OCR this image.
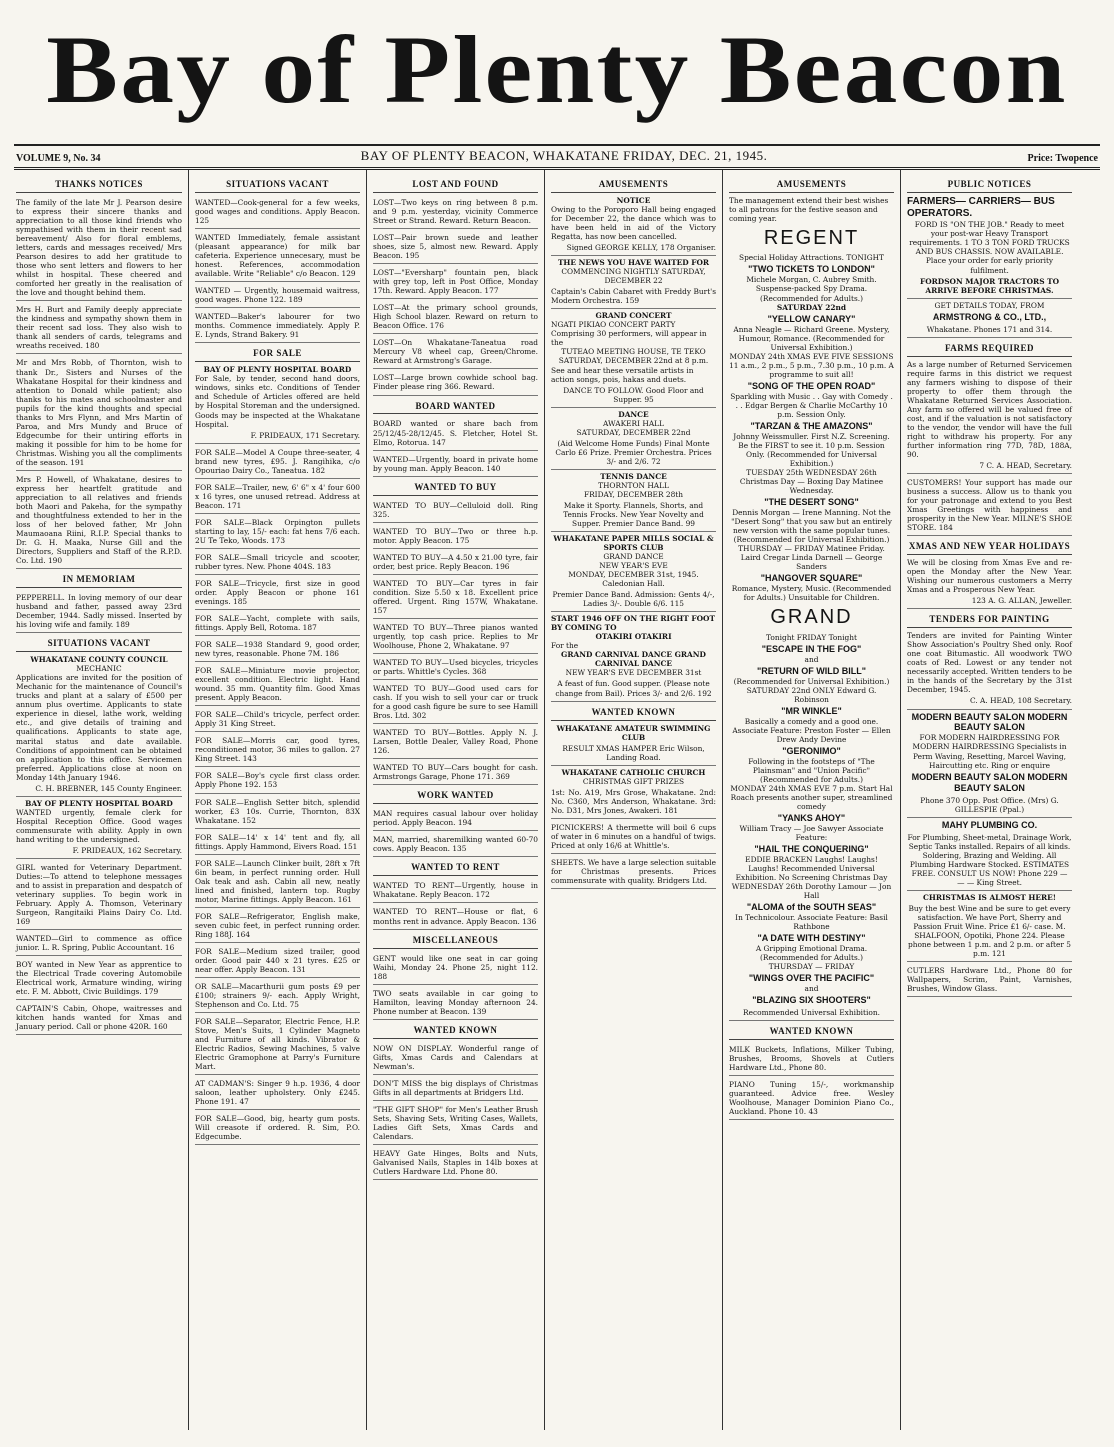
Bay of Plenty Beacon
VOLUME 9, No. 34	BAY OF PLENTY BEACON, WHAKATANE FRIDAY, DEC. 21, 1945.	Price: Twopence
THANKS NOTICES
The family of the late Mr J. Pearson desire to express their sincere thanks and appreciation to all those kind friends who sympathised with them in their recent sad bereavement/ Also for floral emblems, letters, cards and messages received/ Mrs Pearson desires to add her gratitude to those who sent letters and flowers to her whilst in hospital. These cheered and comforted her greatly in the realisation of the love and thought behind them.
Mrs H. Burt and Family deeply appreciate the kindness and sympathy shown them in their recent sad loss. They also wish to thank all senders of cards, telegrams and wreaths received. 180
Mr and Mrs Robb, of Thornton, wish to thank Dr., Sisters and Nurses of the Whakatane Hospital for their kindness and attention to Donald while patient; also thanks to his mates and schoolmaster and pupils for the kind thoughts and special thanks to Mrs Flynn, and Mrs Martin of Paroa, and Mrs Mundy and Bruce of Edgecumbe for their untiring efforts in making it possible for him to be home for Christmas. Wishing you all the compliments of the season. 191
Mrs P. Howell, of Whakatane, desires to express her heartfelt gratitude and appreciation to all relatives and friends both Maori and Pakeha, for the sympathy and thoughtfulness extended to her in the loss of her beloved father, Mr John Maumaoana Riini, R.I.P. Special thanks to Dr. G. H. Maaka, Nurse Gill and the Directors, Suppliers and Staff of the R.P.D. Co. Ltd. 190
IN MEMORIAM
PEPPERELL. In loving memory of our dear husband and father, passed away 23rd December, 1944. Sadly missed. Inserted by his loving wife and family. 189
SITUATIONS VACANT
WHAKATANE COUNTY COUNCIL
MECHANIC
Applications are invited for the position of Mechanic for the maintenance of Council's trucks and plant at a salary of £500 per annum plus overtime. Applicants to state experience in diesel, lathe work, welding etc., and give details of training and qualifications. Applicants to state age, marital status and date available. Conditions of appointment can be obtained on application to this office. Servicemen preferred. Applications close at noon on Monday 14th January 1946.
C. H. BREBNER, 145 County Engineer.
BAY OF PLENTY HOSPITAL BOARD
WANTED urgently, female clerk for Hospital Reception Office. Good wages commensurate with ability. Apply in own hand writing to the undersigned.
F. PRIDEAUX, 162 Secretary.
GIRL wanted for Veterinary Department. Duties:—To attend to telephone messages and to assist in preparation and despatch of veterinary supplies. To begin work in February. Apply A. Thomson, Veterinary Surgeon, Rangitaiki Plains Dairy Co. Ltd. 169
WANTED—Girl to commence as office junior. L. R. Spring, Public Accountant. 16
BOY wanted in New Year as apprentice to the Electrical Trade covering Automobile Electrical work, Armature winding, wiring etc. F. M. Abbott, Civic Buildings. 179
CAPTAIN'S Cabin, Ohope, waitresses and kitchen hands wanted for Xmas and January period. Call or phone 420R. 160
SITUATIONS VACANT
WANTED—Cook-general for a few weeks, good wages and conditions. Apply Beacon. 125
WANTED Immediately, female assistant (pleasant appearance) for milk bar cafeteria. Experience unnecesary, must be honest. References, accommodation available. Write "Reliable" c/o Beacon. 129
WANTED — Urgently, housemaid waitress, good wages. Phone 122. 189
WANTED—Baker's labourer for two months. Commence immediately. Apply P. E. Lynds, Strand Bakery. 91
FOR SALE
BAY OF PLENTY HOSPITAL BOARD
For Sale, by tender, second hand doors, windows, sinks etc. Conditions of Tender and Schedule of Articles offered are held by Hospital Storeman and the undersigned. Goods may be inspected at the Whakatane Hospital.
F. PRIDEAUX, 171 Secretary.
FOR SALE—Model A Coupe three-seater, 4 brand new tyres, £95. J. Rangihika, c/o Opouriao Dairy Co., Taneatua. 182
FOR SALE—Trailer, new, 6' 6" x 4' four 600 x 16 tyres, one unused retread. Address at Beacon. 171
FOR SALE—Black Orpington pullets starting to lay, 15/- each: fat hens 7/6 each. 2U Te Teko, Woods. 173
FOR SALE—Small tricycle and scooter, rubber tyres. New. Phone 404S. 183
FOR SALE—Tricycle, first size in good order. Apply Beacon or phone 161 evenings. 185
FOR SALE—Yacht, complete with sails, fittings. Apply Bell, Rotoma. 187
FOR SALE—1938 Standard 9, good order, new tyres, reasonable. Phone 7M. 186
FOR SALE—Miniature movie projector, excellent condition. Electric light. Hand wound. 35 mm. Quantity film. Good Xmas present. Apply Beacon.
FOR SALE—Child's tricycle, perfect order. Apply 31 King Street.
FOR SALE—Morris car, good tyres, reconditioned motor, 36 miles to gallon. 27 King Street. 143
FOR SALE—Boy's cycle first class order. Apply Phone 192. 153
FOR SALE—English Setter bitch, splendid worker, £3 10s. Currie, Thornton, 83X Whakatane. 152
FOR SALE—14' x 14' tent and fly, all fittings. Apply Hammond, Eivers Road. 151
FOR SALE—Launch Clinker built, 28ft x 7ft 6in beam, in perfect running order. Hull Oak teak and ash. Cabin all new, neatly lined and finished, lantern top. Rugby motor, Marine fittings. Apply Beacon. 161
FOR SALE—Refrigerator, English make, seven cubic feet, in perfect running order. Ring 188J. 164
FOR SALE—Medium sized trailer, good order. Good pair 440 x 21 tyres. £25 or near offer. Apply Beacon. 131
OR SALE—Macarthurii gum posts £9 per £100; strainers 9/- each. Apply Wright, Stephenson and Co. Ltd. 75
FOR SALE—Separator, Electric Fence, H.P. Stove, Men's Suits, 1 Cylinder Magneto and Furniture of all kinds. Vibrator & Electric Radios, Sewing Machines, 5 valve Electric Gramophone at Parry's Furniture Mart.
AT CADMAN'S: Singer 9 h.p. 1936, 4 door saloon, leather upholstery. Only £245. Phone 191. 47
FOR SALE—Good, big, hearty gum posts. Will creasote if ordered. R. Sim, P.O. Edgecumbe.
LOST AND FOUND
LOST—Two keys on ring between 8 p.m. and 9 p.m. yesterday, vicinity Commerce Street or Strand. Reward. Return Beacon.
LOST—Pair brown suede and leather shoes, size 5, almost new. Reward. Apply Beacon. 195
LOST—"Eversharp" fountain pen, black with grey top, left in Post Office, Monday 17th. Reward. Apply Beacon. 177
LOST—At the primary school grounds, High School blazer. Reward on return to Beacon Office. 176
LOST—On Whakatane-Taneatua road Mercury V8 wheel cap, Green/Chrome. Reward at Armstrong's Garage.
LOST—Large brown cowhide school bag. Finder please ring 366. Reward.
BOARD WANTED
BOARD wanted or share bach from 25/12/45-28/12/45. S. Fletcher, Hotel St. Elmo, Rotorua. 147
WANTED—Urgently, board in private home by young man. Apply Beacon. 140
WANTED TO BUY
WANTED TO BUY—Celluloid doll. Ring 325.
WANTED TO BUY—Two or three h.p. motor. Apply Beacon. 175
WANTED TO BUY—A 4.50 x 21.00 tyre, fair order, best price. Reply Beacon. 196
WANTED TO BUY—Car tyres in fair condition. Size 5.50 x 18. Excellent price offered. Urgent. Ring 157W, Whakatane. 157
WANTED TO BUY—Three pianos wanted urgently, top cash price. Replies to Mr Woolhouse, Phone 2, Whakatane. 97
WANTED TO BUY—Used bicycles, tricycles or parts. Whittle's Cycles. 368
WANTED TO BUY—Good used cars for cash. If you wish to sell your car or truck for a good cash figure be sure to see Hamill Bros. Ltd. 302
WANTED TO BUY—Bottles. Apply N. J. Larsen, Bottle Dealer, Valley Road, Phone 126.
WANTED TO BUY—Cars bought for cash. Armstrongs Garage, Phone 171. 369
WORK WANTED
MAN requires casual labour over holiday period. Apply Beacon. 194
MAN, married, sharemilking wanted 60-70 cows. Apply Beacon. 135
WANTED TO RENT
WANTED TO RENT—Urgently, house in Whakatane. Reply Beacon. 172
WANTED TO RENT—House or flat, 6 months rent in advance. Apply Beacon. 136
MISCELLANEOUS
GENT would like one seat in car going Waihi, Monday 24. Phone 25, night 112. 188
TWO seats available in car going to Hamilton, leaving Monday afternoon 24. Phone number at Beacon. 139
WANTED KNOWN
NOW ON DISPLAY. Wonderful range of Gifts, Xmas Cards and Calendars at Newman's.
DON'T MISS the big displays of Christmas Gifts in all departments at Bridgers Ltd.
"THE GIFT SHOP" for Men's Leather Brush Sets, Shaving Sets, Writing Cases, Wallets, Ladies Gift Sets, Xmas Cards and Calendars.
HEAVY Gate Hinges, Bolts and Nuts, Galvanised Nails, Staples in 14lb boxes at Cutlers Hardware Ltd. Phone 80.
AMUSEMENTS
NOTICE
Owing to the Poroporo Hall being engaged for December 22, the dance which was to have been held in aid of the Victory Regatta, has now been cancelled.
Signed GEORGE KELLY, 178 Organiser.
THE NEWS YOU HAVE WAITED FOR
COMMENCING NIGHTLY SATURDAY, DECEMBER 22
Captain's Cabin Cabaret with Freddy Burt's Modern Orchestra. 159
GRAND CONCERT
NGATI PIKIAO CONCERT PARTY Comprising 30 performers, will appear in the
TUTEAO MEETING HOUSE, TE TEKO
SATURDAY, DECEMBER 22nd at 8 p.m.
See and hear these versatile artists in action songs, pois, hakas and duets.
DANCE TO FOLLOW. Good Floor and Supper. 95
DANCE
AWAKERI HALL
SATURDAY, DECEMBER 22nd
(Aid Welcome Home Funds) Final Monte Carlo £6 Prize. Premier Orchestra. Prices 3/- and 2/6. 72
TENNIS DANCE
THORNTON HALL
FRIDAY, DECEMBER 28th
Make it Sporty. Flannels, Shorts, and Tennis Frocks. New Year Novelty and Supper. Premier Dance Band. 99
WHAKATANE PAPER MILLS SOCIAL & SPORTS CLUB
GRAND DANCE
NEW YEAR'S EVE
MONDAY, DECEMBER 31st, 1945.
Caledonian Hall.
Premier Dance Band. Admission: Gents 4/-, Ladies 3/-. Double 6/6. 115
START 1946 OFF ON THE RIGHT FOOT BY COMING TO
OTAKIRI OTAKIRI
For the
GRAND CARNIVAL DANCE GRAND CARNIVAL DANCE
NEW YEAR'S EVE DECEMBER 31st
A feast of fun. Good supper. (Please note change from Bail). Prices 3/- and 2/6. 192
WANTED KNOWN
WHAKATANE AMATEUR SWIMMING CLUB
RESULT XMAS HAMPER Eric Wilson, Landing Road.
WHAKATANE CATHOLIC CHURCH
CHRISTMAS GIFT PRIZES
1st: No. A19, Mrs Grose, Whakatane. 2nd: No. C360, Mrs Anderson, Whakatane. 3rd: No. D31, Mrs Jones, Awakeri. 181
PICNICKERS! A thermette will boil 6 cups of water in 6 minutes on a handful of twigs. Priced at only 16/6 at Whittle's.
SHEETS. We have a large selection suitable for Christmas presents. Prices commensurate with quality. Bridgers Ltd.
AMUSEMENTS
The management extend their best wishes to all patrons for the festive season and coming year.
REGENT
Special Holiday Attractions. TONIGHT
"TWO TICKETS TO LONDON"
Michele Morgan, C. Aubrey Smith. Suspense-packed Spy Drama. (Recommended for Adults.)
SATURDAY 22nd
"YELLOW CANARY"
Anna Neagle — Richard Greene. Mystery, Humour, Romance. (Recommended for Universal Exhibition.)
MONDAY 24th XMAS EVE FIVE SESSIONS
11 a.m., 2 p.m., 5 p.m., 7.30 p.m., 10 p.m. A programme to suit all!
"SONG OF THE OPEN ROAD"
Sparkling with Music . . Gay with Comedy . . . Edgar Bergen & Charlie McCarthy 10 p.m. Session Only.
"TARZAN & THE AMAZONS"
Johnny Weissmuller. First N.Z. Screening. Be the FIRST to see it. 10 p.m. Session Only. (Recommended for Universal Exhibition.)
TUESDAY 25th WEDNESDAY 26th Christmas Day — Boxing Day Matinee Wednesday.
"THE DESERT SONG"
Dennis Morgan — Irene Manning. Not the "Desert Song" that you saw but an entirely new version with the same popular tunes. (Recommended for Universal Exhibition.)
THURSDAY — FRIDAY Matinee Friday. Laird Cregar Linda Darnell — George Sanders
"HANGOVER SQUARE"
Romance, Mystery, Music. (Recommended for Adults.) Unsuitable for Children.
GRAND
Tonight FRIDAY Tonight
"ESCAPE IN THE FOG"
and
"RETURN OF WILD BILL"
(Recommended for Universal Exhibition.)
SATURDAY 22nd ONLY Edward G. Robinson
"MR WINKLE"
Basically a comedy and a good one. Associate Feature: Preston Foster — Ellen Drew Andy Devine
"GERONIMO"
Following in the footsteps of "The Plainsman" and "Union Pacific" (Recommended for Adults.)
MONDAY 24th XMAS EVE 7 p.m. Start Hal Roach presents another super, streamlined comedy
"YANKS AHOY"
William Tracy — Joe Sawyer Associate Feature:
"HAIL THE CONQUERING"
EDDIE BRACKEN Laughs! Laughs! Laughs! Recommended Universal Exhibition. No Screening Christmas Day
WEDNESDAY 26th Dorothy Lamour — Jon Hall
"ALOMA of the SOUTH SEAS"
In Technicolour. Associate Feature: Basil Rathbone
"A DATE WITH DESTINY"
A Gripping Emotional Drama. (Recommended for Adults.)
THURSDAY — FRIDAY
"WINGS OVER THE PACIFIC"
and
"BLAZING SIX SHOOTERS"
Recommended Universal Exhibition.
WANTED KNOWN
MILK Buckets, Inflations, Milker Tubing, Brushes, Brooms, Shovels at Cutlers Hardware Ltd., Phone 80.
PIANO Tuning 15/-, workmanship guaranteed. Advice free. Wesley Woolhouse, Manager Dominion Piano Co., Auckland. Phone 10. 43
PUBLIC NOTICES
FARMERS— CARRIERS— BUS OPERATORS.
FORD IS "ON THE JOB." Ready to meet your post-war Heavy Transport requirements. 1 TO 3 TON FORD TRUCKS AND BUS CHASSIS. NOW AVAILABLE. Place your order for early priority fulfilment.
FORDSON MAJOR TRACTORS TO ARRIVE BEFORE CHRISTMAS.
GET DETAILS TODAY, FROM
ARMSTRONG & CO., LTD.,
Whakatane. Phones 171 and 314.
FARMS REQUIRED
As a large number of Returned Servicemen require farms in this district we request any farmers wishing to dispose of their property to offer them through the Whakatane Returned Services Association. Any farm so offered will be valued free of cost, and if the valuation is not satisfactory to the vendor, the vendor will have the full right to withdraw his property. For any further information ring 77D, 78D, 188A, 90.
7 C. A. HEAD, Secretary.
CUSTOMERS! Your support has made our business a success. Allow us to thank you for your patronage and extend to you Best Xmas Greetings with happiness and prosperity in the New Year. MILNE'S SHOE STORE. 184
XMAS AND NEW YEAR HOLIDAYS
We will be closing from Xmas Eve and re-open the Monday after the New Year. Wishing our numerous customers a Merry Xmas and a Prosperous New Year.
123 A. G. ALLAN, Jeweller.
TENDERS FOR PAINTING
Tenders are invited for Painting Winter Show Association's Poultry Shed only. Roof one coat Bitumastic. All woodwork TWO coats of Red. Lowest or any tender not necessarily accepted. Written tenders to be in the hands of the Secretary by the 31st December, 1945.
C. A. HEAD, 108 Secretary.
MODERN BEAUTY SALON MODERN BEAUTY SALON
FOR MODERN HAIRDRESSING FOR MODERN HAIRDRESSING Specialists in Perm Waving, Resetting, Marcel Waving, Haircutting etc. Ring or enquire
MODERN BEAUTY SALON MODERN BEAUTY SALON
Phone 370 Opp. Post Office. (Mrs) G. GILLESPIE (Ppal.)
MAHY PLUMBING CO.
For Plumbing, Sheet-metal, Drainage Work, Septic Tanks installed. Repairs of all kinds. Soldering, Brazing and Welding. All Plumbing Hardware Stocked. ESTIMATES FREE. CONSULT US NOW! Phone 229 — — — King Street.
CHRISTMAS IS ALMOST HERE!
Buy the best Wine and be sure to get every satisfaction. We have Port, Sherry and Passion Fruit Wine. Price £1 6/- case. M. SHALFOON, Opotiki, Phone 224. Please phone between 1 p.m. and 2 p.m. or after 5 p.m. 121
CUTLERS Hardware Ltd., Phone 80 for Wallpapers, Scrim, Paint, Varnishes, Brushes, Window Glass.
